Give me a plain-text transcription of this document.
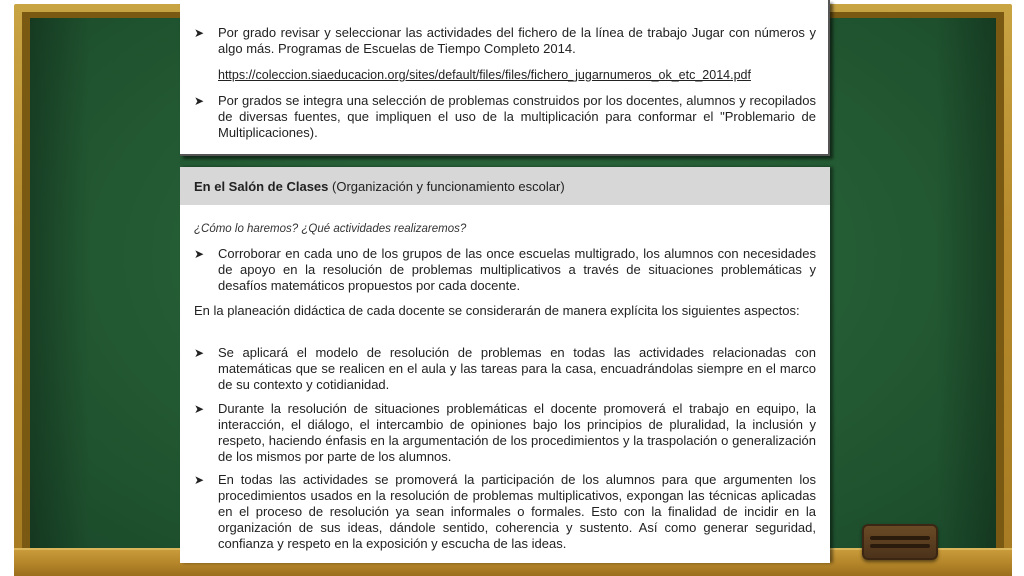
➤	Por grado revisar y seleccionar las actividades del fichero de la línea de trabajo Jugar con números y algo más. Programas de Escuelas de Tiempo Completo 2014.
https://coleccion.siaeducacion.org/sites/default/files/files/fichero_jugarnumeros_ok_etc_2014.pdf
➤	Por grados se integra una selección de problemas construidos por los docentes, alumnos y recopilados de diversas fuentes, que impliquen el uso de la multiplicación para conformar el "Problemario de Multiplicaciones).
En el Salón de Clases (Organización y funcionamiento escolar)
¿Cómo lo haremos? ¿Qué actividades realizaremos?
➤	Corroborar en cada uno de los grupos de las once escuelas multigrado, los alumnos con necesidades de apoyo en la resolución de problemas multiplicativos a través de situaciones problemáticas y desafíos matemáticos propuestos por cada docente.
En la planeación didáctica de cada docente se considerarán de manera explícita los siguientes aspectos:
➤	Se aplicará el modelo de resolución de problemas en todas las actividades relacionadas con matemáticas que se realicen en el aula y las tareas para la casa, encuadrándolas siempre en el marco de su contexto y cotidianidad.
➤	Durante la resolución de situaciones problemáticas el docente promoverá el trabajo en equipo, la interacción, el diálogo, el intercambio de opiniones bajo los principios de pluralidad, la inclusión y respeto, haciendo énfasis en la argumentación de los procedimientos y la traspolación o generalización de los mismos por parte de los alumnos.
➤	En todas las actividades se promoverá la participación de los alumnos para que argumenten los procedimientos usados en la resolución de problemas multiplicativos, expongan las técnicas aplicadas en el proceso de resolución ya sean informales o formales. Esto con la finalidad de incidir en la organización de sus ideas, dándole sentido, coherencia y sustento. Así como generar seguridad, confianza y respeto en la exposición y escucha de las ideas.
